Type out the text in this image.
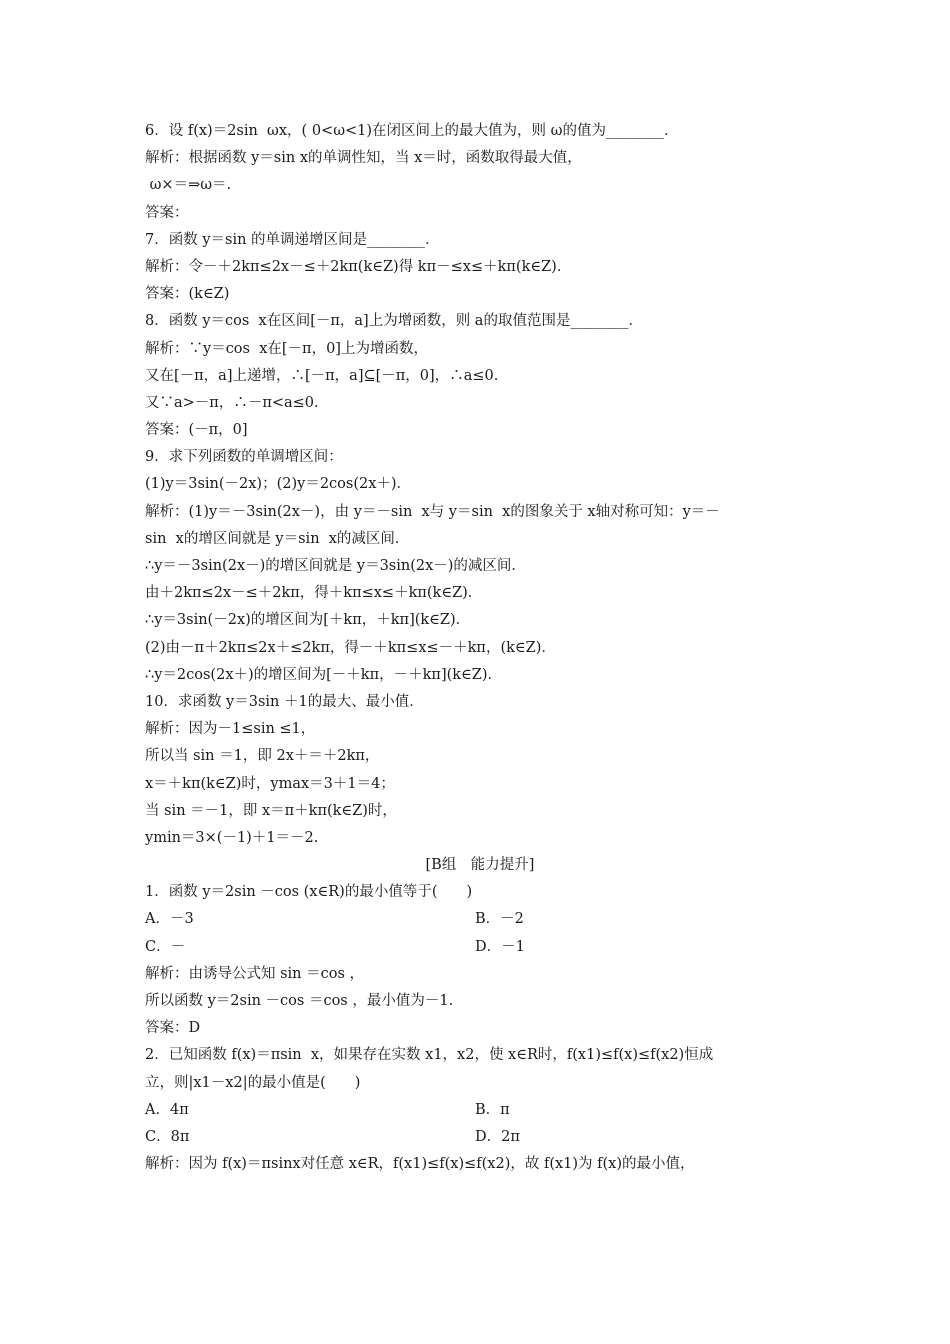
6．设 f(x)＝2sin  ωx，( 0<ω<1)在闭区间上的最大值为，则 ω的值为________．
解析：根据函数 y＝sin x的单调性知，当 x＝时，函数取得最大值，
ω×＝⇒ω＝.
答案：
7．函数 y＝sin 的单调递增区间是________．
解析：令－＋2kπ≤2x－≤＋2kπ(k∈Z)得 kπ－≤x≤＋kπ(k∈Z)．
答案：(k∈Z)
8．函数 y＝cos  x在区间[－π，a]上为增函数，则 a的取值范围是________．
解析：∵y＝cos  x在[－π，0]上为增函数，
又在[－π，a]上递增，∴[－π，a]⊆[－π，0]，∴a≤0.
又∵a>－π，∴－π<a≤0.
答案：(－π，0]
9．求下列函数的单调增区间：
(1)y＝3sin(－2x)；(2)y＝2cos(2x＋)．
解析：(1)y＝－3sin(2x－)，由 y＝－sin  x与 y＝sin  x的图象关于 x轴对称可知：y＝－
sin  x的增区间就是 y＝sin  x的减区间．
∴y＝－3sin(2x－)的增区间就是 y＝3sin(2x－)的减区间．
由＋2kπ≤2x－≤＋2kπ，得＋kπ≤x≤＋kπ(k∈Z)．
∴y＝3sin(－2x)的增区间为[＋kπ，＋kπ](k∈Z)．
(2)由－π＋2kπ≤2x＋≤2kπ，得－＋kπ≤x≤－＋kπ，(k∈Z)．
∴y＝2cos(2x＋)的增区间为[－＋kπ，－＋kπ](k∈Z)．
10．求函数 y＝3sin ＋1的最大、最小值．
解析：因为－1≤sin ≤1，
所以当 sin ＝1，即 2x＋＝＋2kπ，
x＝＋kπ(k∈Z)时，ymax＝3＋1＝4；
当 sin ＝－1，即 x＝π＋kπ(k∈Z)时，
ymin＝3×(－1)＋1＝－2.
[B组　能力提升]
1．函数 y＝2sin －cos (x∈R)的最小值等于(　　)
A．－3	B．－2
C．－	D．－1
解析：由诱导公式知 sin ＝cos ，
所以函数 y＝2sin －cos ＝cos ，最小值为－1.
答案：D
2．已知函数 f(x)＝πsin  x，如果存在实数 x1，x2，使 x∈R时，f(x1)≤f(x)≤f(x2)恒成
立，则|x1－x2|的最小值是(　　)
A．4π	B．π
C．8π	D．2π
解析：因为 f(x)＝πsinx对任意 x∈R，f(x1)≤f(x)≤f(x2)，故 f(x1)为 f(x)的最小值，
